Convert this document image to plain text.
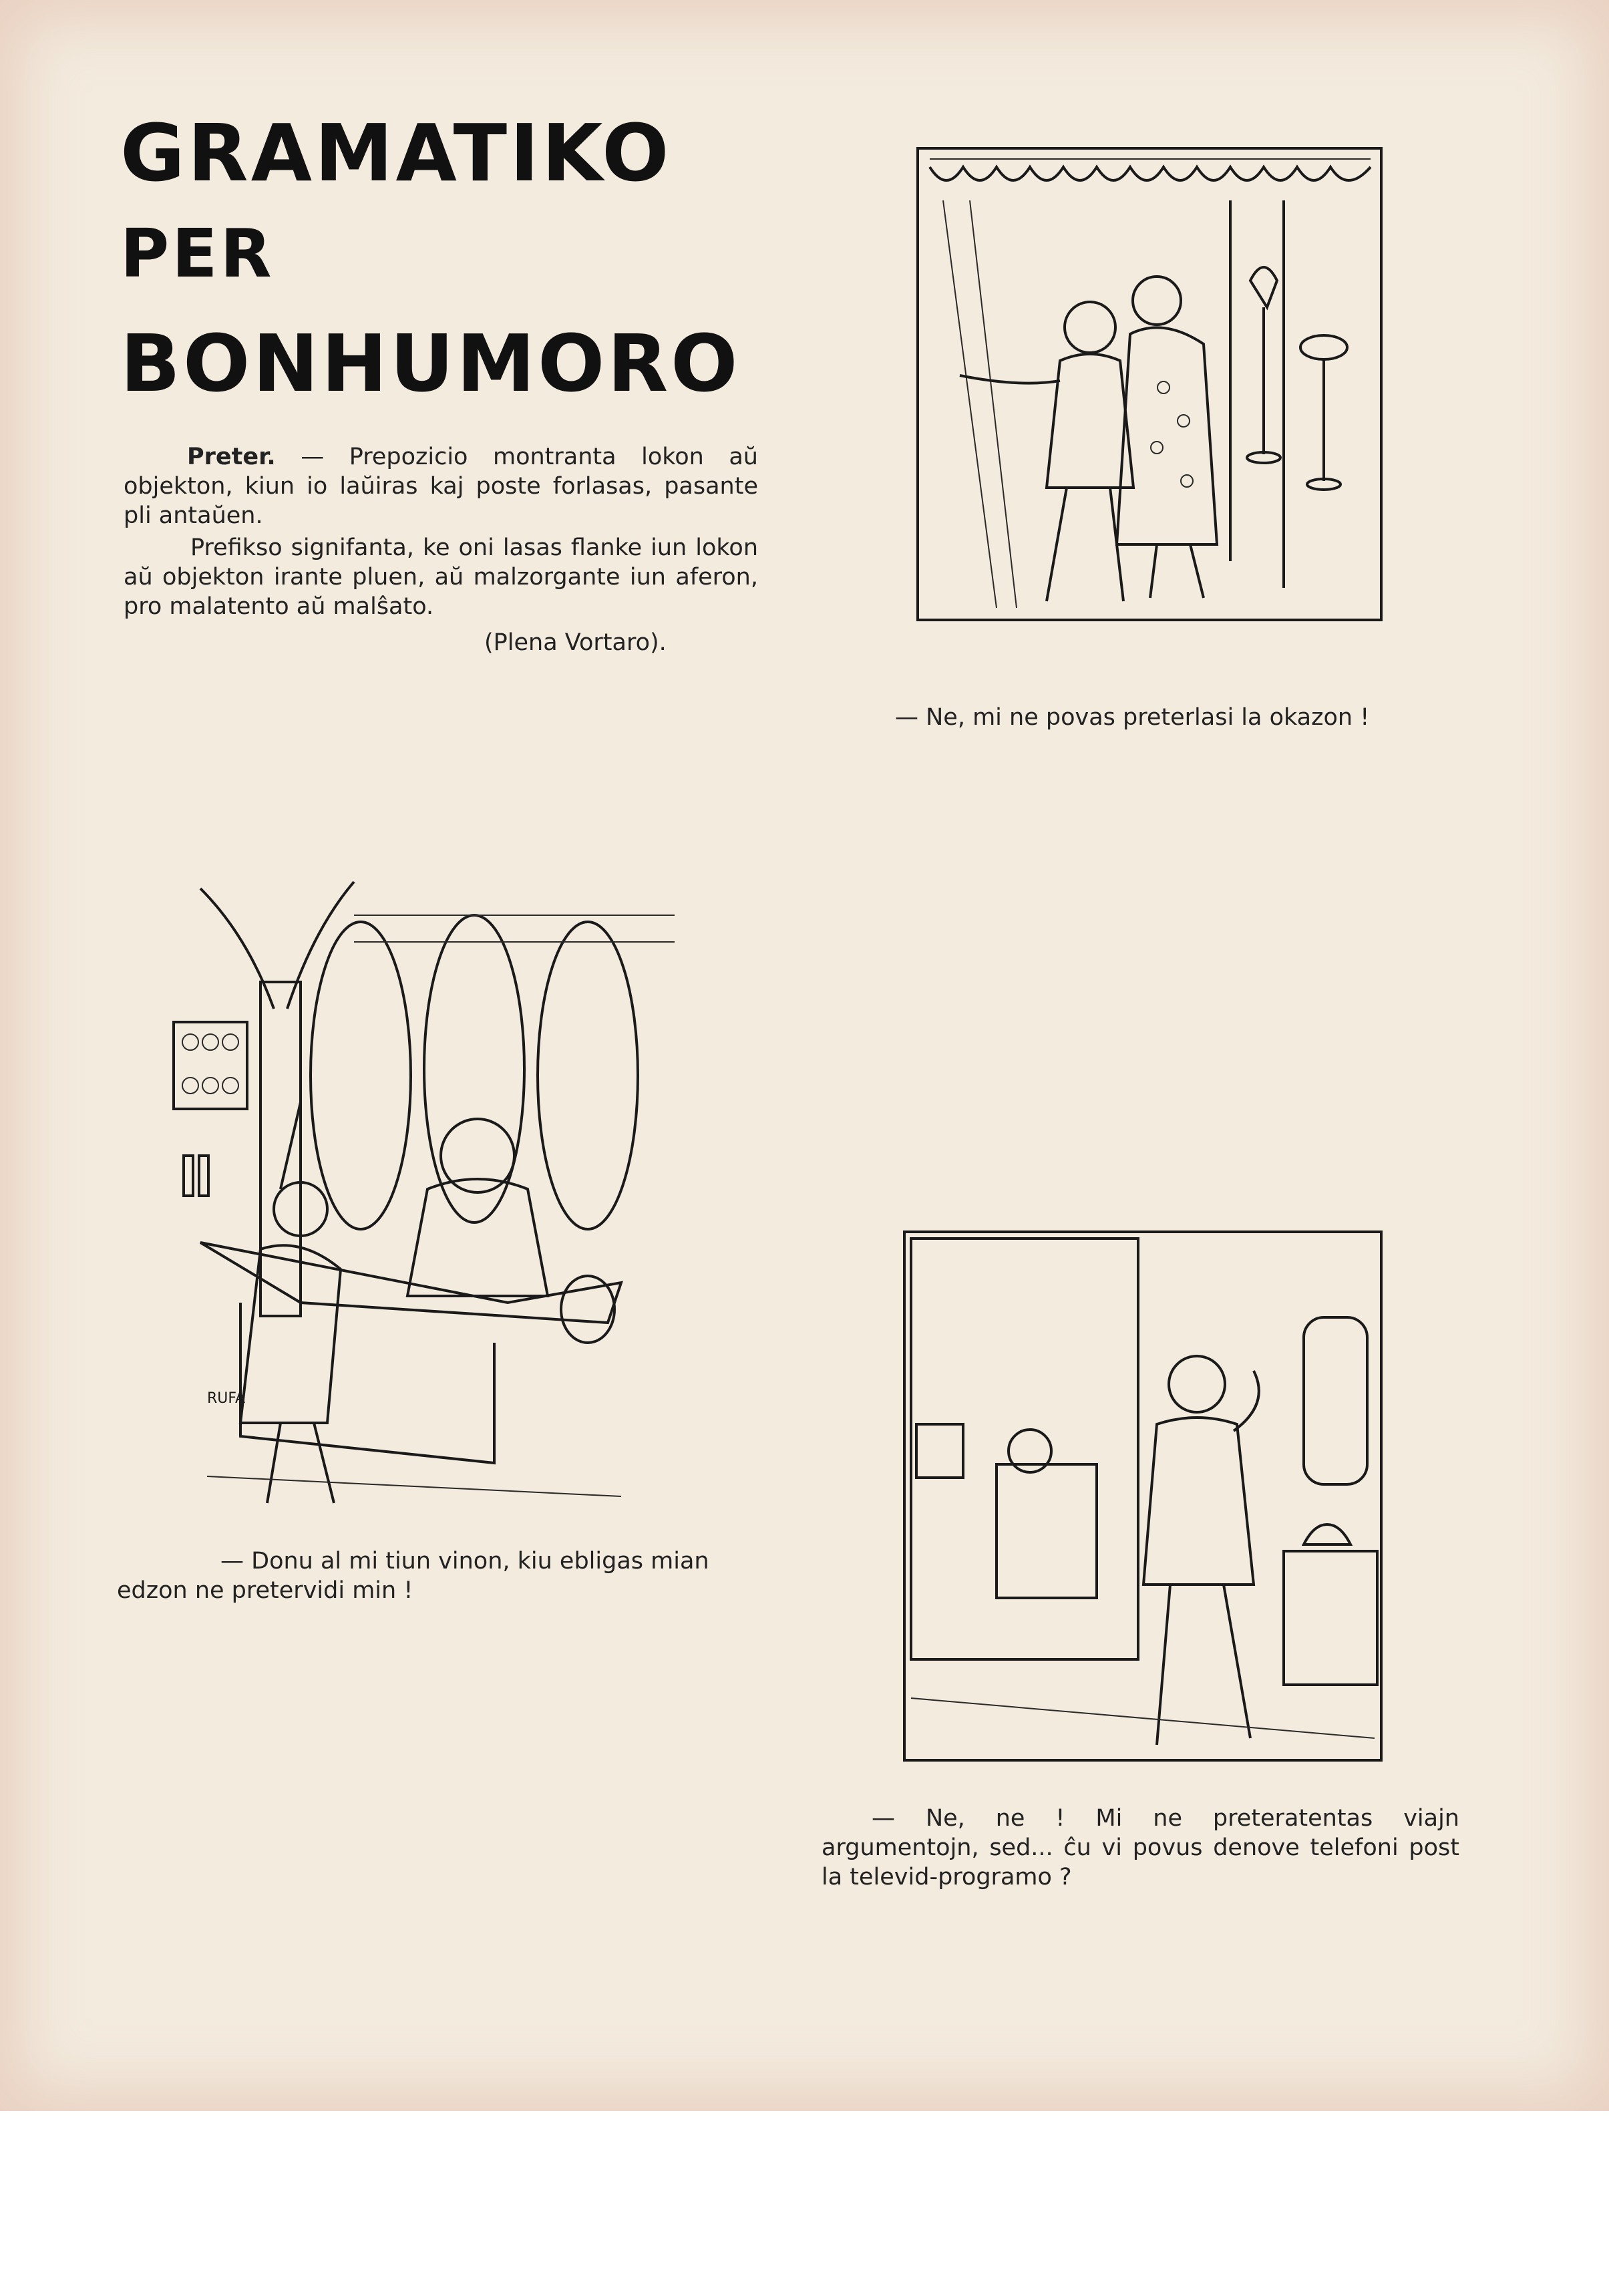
GRAMATIKO
PER
BONHUMORO

Preter. — Prepozicio montranta lokon aŭ objekton, kiun io laŭiras kaj poste forlasas, pasante pli antaŭen.

Prefikso signifanta, ke oni lasas flanke iun lokon aŭ objekton irante pluen, aŭ malzorgante iun aferon, pro malatento aŭ malŝato.

(Plena Vortaro).

— Ne, mi ne povas preterlasi la okazon !

RUFA

— Donu al mi tiun vinon, kiu ebligas mian edzon ne pretervidi min !

— Ne, ne ! Mi ne preteratentas viajn argumentojn, sed... ĉu vi povus denove telefoni post la televid-programo ?
